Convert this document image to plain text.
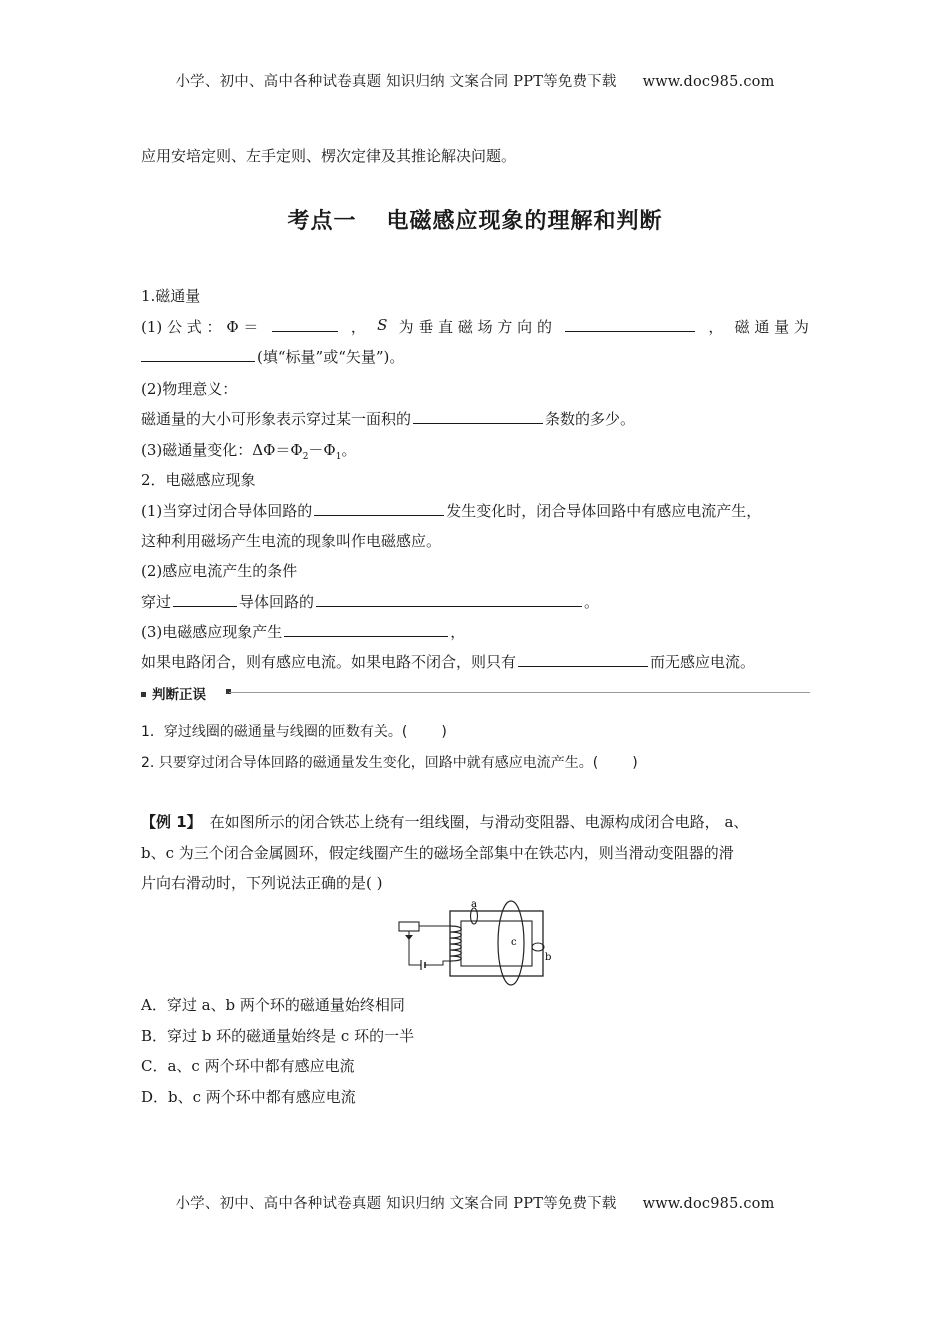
小学、初中、高中各种试卷真题 知识归纳 文案合同 PPT等免费下载 www.doc985.com
应用安培定则、左手定则、楞次定律及其推论解决问题。
考点一 电磁感应现象的理解和判断
1.磁通量
(1) 公 式 ： Φ ＝	， S 为 垂 直 磁 场 方 向 的	， 磁 通 量 为
(填“标量”或“矢量”)。
(2)物理意义：
磁通量的大小可形象表示穿过某一面积的	条数的多少。
(3)磁通量变化：$\Delta\Phi=\Phi_2-\Phi_1$。
2．电磁感应现象
(1)当穿过闭合导体回路的	发生变化时，闭合导体回路中有感应电流产生，
这种利用磁场产生电流的现象叫作电磁感应。
(2)感应电流产生的条件
穿过	导体回路的	。
(3)电磁感应现象产生	，
如果电路闭合，则有感应电流。如果电路不闭合，则只有	而无感应电流。
判断正误
1．穿过线圈的磁通量与线圈的匝数有关。( )
2. 只要穿过闭合导体回路的磁通量发生变化，回路中就有感应电流产生。( )
【例 1】 在如图所示的闭合铁芯上绕有一组线圈，与滑动变阻器、电源构成闭合电路， a、
b、c 为三个闭合金属圆环，假定线圈产生的磁场全部集中在铁芯内，则当滑动变阻器的滑
片向右滑动时，下列说法正确的是( )
a
c
b
A．穿过 a、b 两个环的磁通量始终相同
B．穿过 b 环的磁通量始终是 c 环的一半
C．a、c 两个环中都有感应电流
D．b、c 两个环中都有感应电流
小学、初中、高中各种试卷真题 知识归纳 文案合同 PPT等免费下载 www.doc985.com
